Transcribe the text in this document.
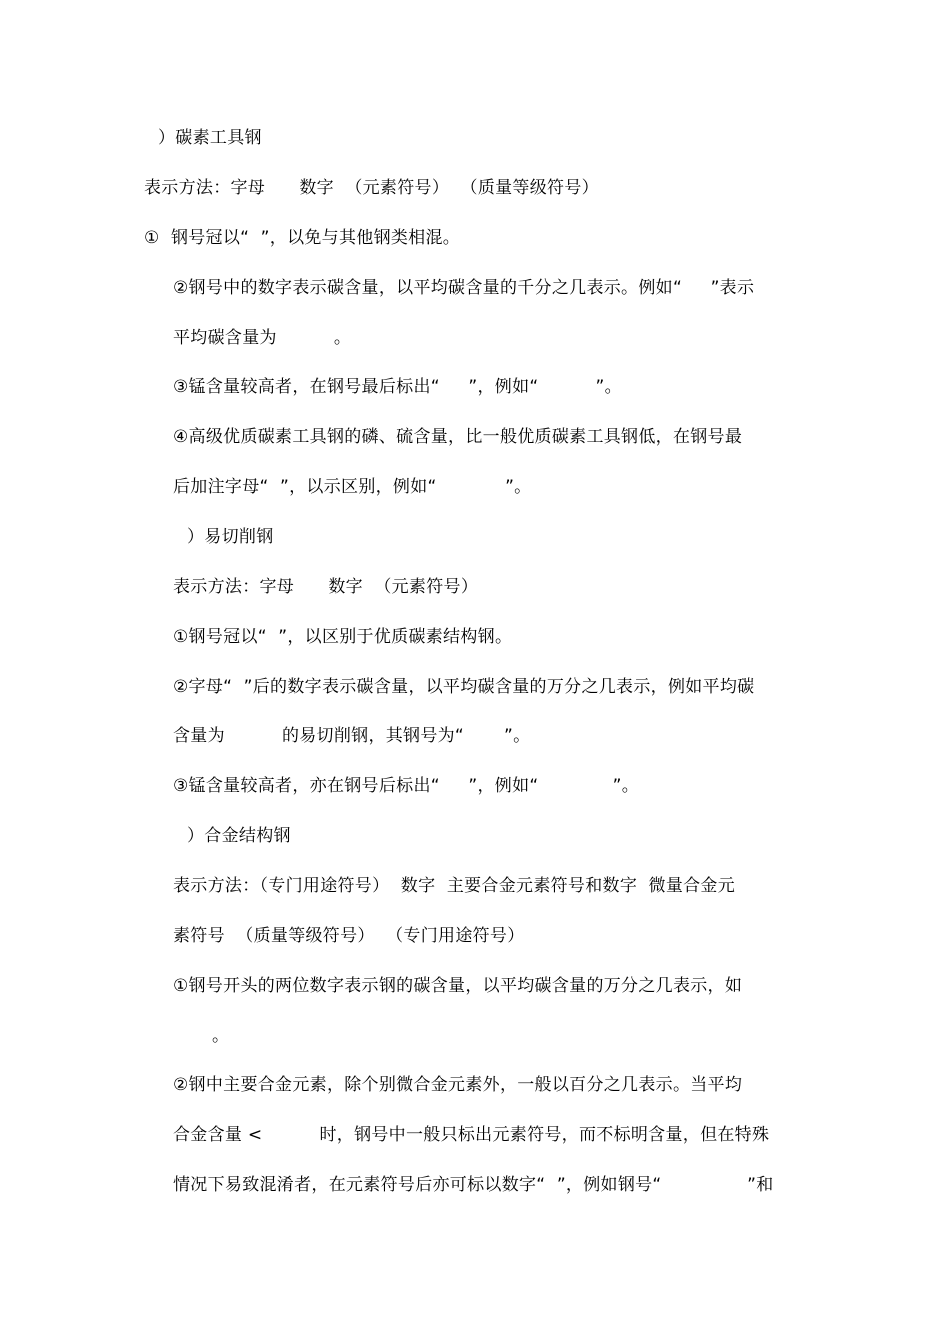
）碳素工具钢
表示方法：字母      数字  （元素符号）  （质量等级符号）
①  钢号冠以“  ”，以免与其他钢类相混。
②钢号中的数字表示碳含量，以平均碳含量的千分之几表示。例如“     ”表示
平均碳含量为          。
③锰含量较高者，在钢号最后标出“     ”，例如“          ”。
④高级优质碳素工具钢的磷、硫含量，比一般优质碳素工具钢低，在钢号最
后加注字母“  ”，以示区别，例如“            ”。
）易切削钢
表示方法：字母      数字  （元素符号）
①钢号冠以“  ”，以区别于优质碳素结构钢。
②字母“  ”后的数字表示碳含量，以平均碳含量的万分之几表示，例如平均碳
含量为          的易切削钢，其钢号为“       ”。
③锰含量较高者，亦在钢号后标出“     ”，例如“             ”。
）合金结构钢
表示方法：（专门用途符号）  数字  主要合金元素符号和数字  微量合金元
素符号  （质量等级符号）  （专门用途符号）
①钢号开头的两位数字表示钢的碳含量，以平均碳含量的万分之几表示，如
。
②钢中主要合金元素，除个别微合金元素外，一般以百分之几表示。当平均
合金含量 <          时，钢号中一般只标出元素符号，而不标明含量，但在特殊
情况下易致混淆者，在元素符号后亦可标以数字“  ”，例如钢号“               ”和
